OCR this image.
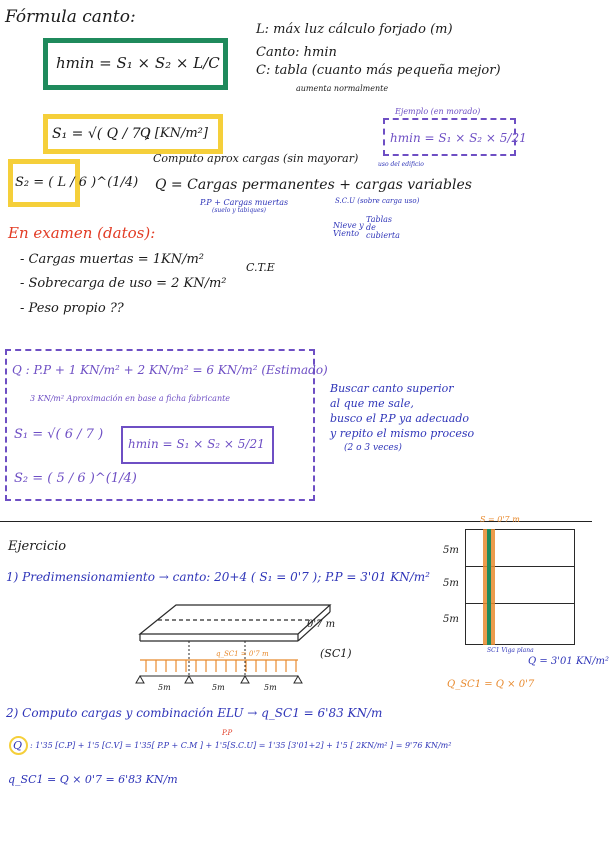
Fórmula canto:
hmin = S₁ × S₂ × L/C
L: máx luz cálculo forjado (m)
Canto: hmin
C: tabla (cuanto más pequeña mejor)
aumenta normalmente
S₁ = √( Q / 7 )
Q [KN/m²]
Computo aprox cargas (sin mayorar)
Q = Cargas permanentes + cargas variables
P.P + Cargas muertas
(suelo y tabiques)
S.C.U (sobre carga uso)
uso del edificio
Nieve y Viento
Tablas de cubierta
S₂ = ( L / 6 )^(1/4)
Ejemplo (en morado)
hmin = S₁ × S₂ × 5/21
En examen (datos):
- Cargas muertas = 1KN/m²
- Sobrecarga de uso = 2 KN/m²
- Peso propio ??
C.T.E
Q : P.P + 1 KN/m² + 2 KN/m² = 6 KN/m² (Estimado)
3 KN/m² Aproximación en base a ficha fabricante
S₁ = √( 6 / 7 )
S₂ = ( 5 / 6 )^(1/4)
hmin = S₁ × S₂ × 5/21
Buscar canto superior
al que me sale,
busco el P.P ya adecuado
y repito el mismo proceso
(2 o 3 veces)
Ejercicio
1) Predimensionamiento → canto: 20+4 ( S₁ = 0'7 ); P.P = 3'01 KN/m²
0'7 m
(SC1)
q_SC1 = 0'7 m
5m	5m	5m
S = 0'7 m
5m
5m
5m
SC1 Viga plana
Q = 3'01 KN/m²
Q_SC1 = Q × 0'7
2) Computo cargas y combinación ELU → q_SC1 = 6'83 KN/m
Q : 1'35 [C.P] + 1'5 [C.V] = 1'35[ P.P + C.M ] + 1'5[S.C.U] = 1'35 [3'01+2] + 1'5 [ 2KN/m² ] = 9'76 KN/m²
P.P
q_SC1 = Q × 0'7 = 6'83 KN/m
